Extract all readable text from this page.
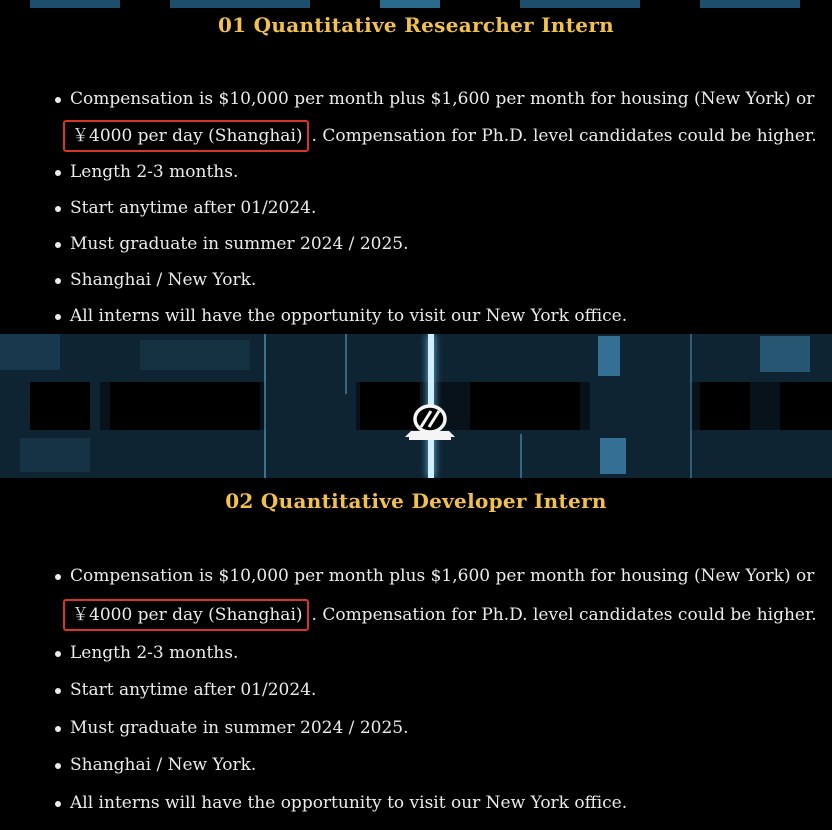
01 Quantitative Researcher Intern
Compensation is $10,000 per month plus $1,600 per month for housing (New York) or
￥4000 per day (Shanghai) . Compensation for Ph.D. level candidates could be higher.
Length 2-3 months.
Start anytime after 01/2024.
Must graduate in summer 2024 / 2025.
Shanghai / New York.
All interns will have the opportunity to visit our New York office.
02 Quantitative Developer Intern
Compensation is $10,000 per month plus $1,600 per month for housing (New York) or
￥4000 per day (Shanghai) . Compensation for Ph.D. level candidates could be higher.
Length 2-3 months.
Start anytime after 01/2024.
Must graduate in summer 2024 / 2025.
Shanghai / New York.
All interns will have the opportunity to visit our New York office.
